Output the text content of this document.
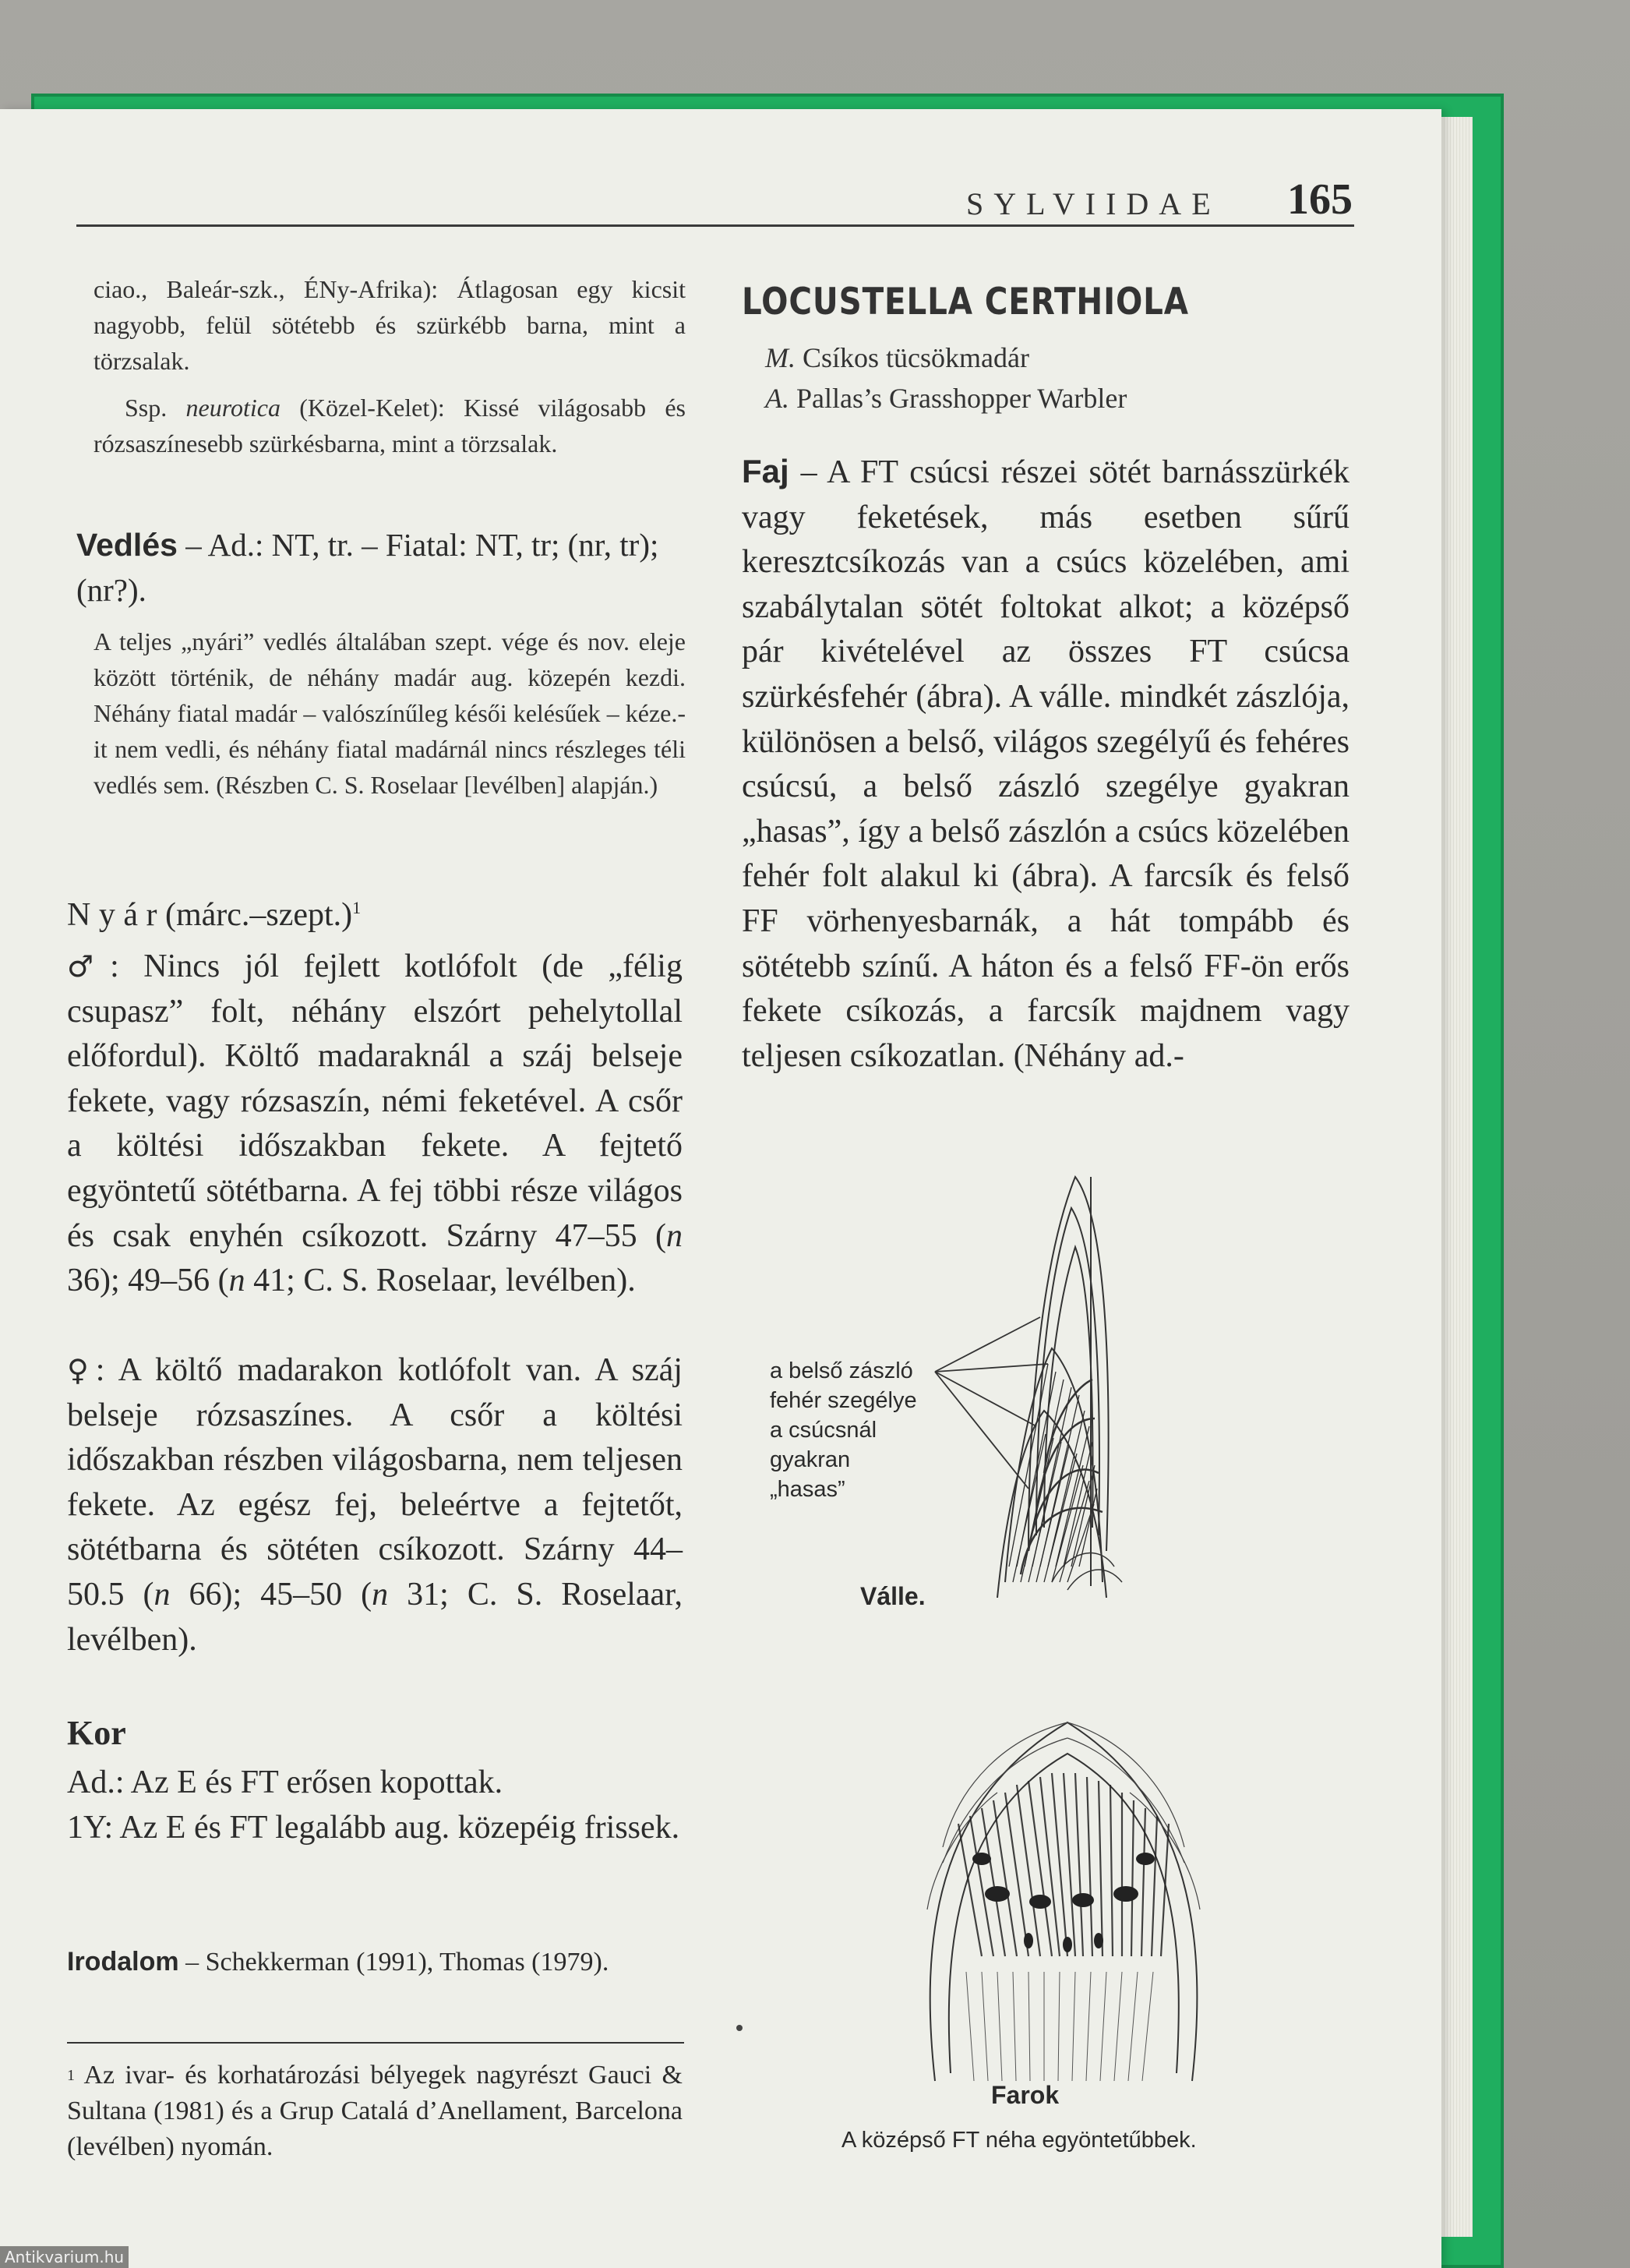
SYLVIIDAE 165

ciao., Baleár-szk., ÉNy-Afrika): Átlagosan egy kicsit nagyobb, felül sötétebb és szürkébb barna, mint a törzsalak.

Ssp. neurotica (Közel-Kelet): Kissé világosabb és rózsaszínesebb szürkésbarna, mint a törzsalak.

Vedlés – Ad.: NT, tr. – Fiatal: NT, tr; (nr, tr); (nr?).

A teljes „nyári” vedlés általában szept. vége és nov. eleje között történik, de néhány madár aug. közepén kezdi. Néhány fiatal madár – valószínűleg késői kelésűek – kéze.-it nem vedli, és néhány fiatal madárnál nincs részleges téli vedlés sem. (Részben C. S. Roselaar [levélben] alapján.)

N y á r (márc.–szept.)$^1$
♂: Nincs jól fejlett kotlófolt (de „félig csupasz” folt, néhány elszórt pehelytollal előfordul). Költő madaraknál a száj belseje fekete, vagy rózsaszín, némi feketével. A csőr a költési időszakban fekete. A fejtető egyöntetű sötétbarna. A fej többi része világos és csak enyhén csíkozott. Szárny 47–55 (n 36); 49–56 (n 41; C. S. Roselaar, levélben).
♀: A költő madarakon kotlófolt van. A száj belseje rózsaszínes. A csőr a költési időszakban részben világosbarna, nem teljesen fekete. Az egész fej, beleértve a fejtetőt, sötétbarna és sötéten csíkozott. Szárny 44–50.5 (n 66); 45–50 (n 31; C. S. Roselaar, levélben).
Kor
Ad.: Az E és FT erősen kopottak.
1Y: Az E és FT legalább aug. közepéig frissek.
Irodalom – Schekkerman (1991), Thomas (1979).
$^1$ Az ivar- és korhatározási bélyegek nagyrészt Gauci & Sultana (1981) és a Grup Catalá d’Anellament, Barcelona (levélben) nyomán.
LOCUSTELLA CERTHIOLA
M. Csíkos tücsökmadár
A. Pallas’s Grasshopper Warbler
Faj – A FT csúcsi részei sötét barnásszürkék vagy feketések, más esetben sűrű keresztcsíkozás van a csúcs közelében, ami szabálytalan sötét foltokat alkot; a középső pár kivételével az összes FT csúcsa szürkésfehér (ábra). A válle. mindkét zászlója, különösen a belső, világos szegélyű és fehéres csúcsú, a belső zászló szegélye gyakran „hasas”, így a belső zászlón a csúcs közelében fehér folt alakul ki (ábra). A farcsík és felső FF vörhenyesbarnák, a hát tompább és sötétebb színű. A háton és a felső FF-ön erős fekete csíkozás, a farcsík majdnem vagy teljesen csíkozatlan. (Néhány ad.-
a belső zászló
fehér szegélye
a csúcsnál
gyakran
„hasas”
Válle.
Farok
A középső FT néha egyöntetűbbek.
Antikvarium.hu
